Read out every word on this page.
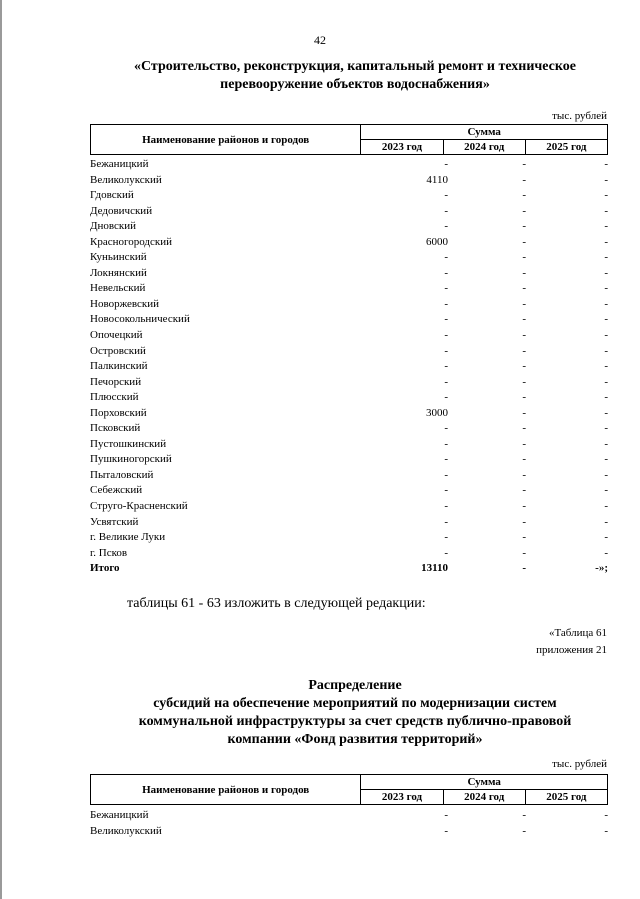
42
«Строительство, реконструкция, капитальный ремонт и техническое
перевооружение объектов водоснабжения»
тыс. рублей
Наименование районов и городов	Сумма		
	2023 год	2024 год	2025 год
Бежаницкий	-	-	-
Великолукский	4110	-	-
Гдовский	-	-	-
Дедовичский	-	-	-
Дновский	-	-	-
Красногородский	6000	-	-
Куньинский	-	-	-
Локнянский	-	-	-
Невельский	-	-	-
Новоржевский	-	-	-
Новосокольнический	-	-	-
Опочецкий	-	-	-
Островский	-	-	-
Палкинский	-	-	-
Печорский	-	-	-
Плюсский	-	-	-
Порховский	3000	-	-
Псковский	-	-	-
Пустошкинский	-	-	-
Пушкиногорский	-	-	-
Пыталовский	-	-	-
Себежский	-	-	-
Струго-Красненский	-	-	-
Усвятский	-	-	-
г. Великие Луки	-	-	-
г. Псков	-	-	-
Итого	13110	-	-»;
таблицы 61 - 63 изложить в следующей редакции:
«Таблица 61
приложения 21
Распределение
субсидий на обеспечение мероприятий по модернизации систем
коммунальной инфраструктуры за счет средств публично-правовой
компании «Фонд развития территорий»
тыс. рублей
Наименование районов и городов	Сумма		
	2023 год	2024 год	2025 год
Бежаницкий	-	-	-
Великолукский	-	-	-
